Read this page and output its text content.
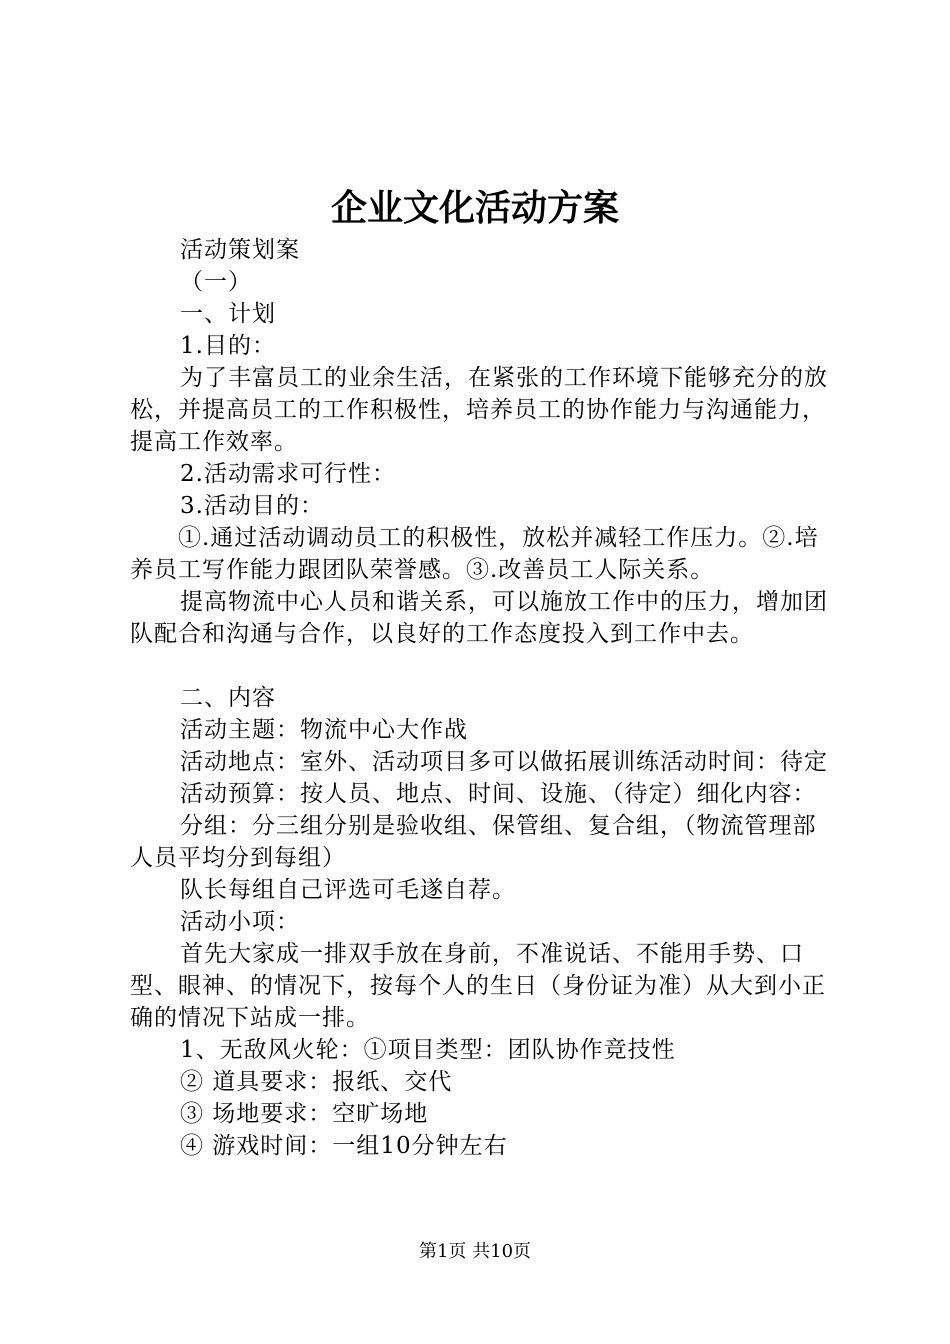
企业文化活动方案

活动策划案

（一）

一、计划

1.目的：

为了丰富员工的业余生活，在紧张的工作环境下能够充分的放松，并提高员工的工作积极性，培养员工的协作能力与沟通能力，提高工作效率。

2.活动需求可行性：

3.活动目的：

①.通过活动调动员工的积极性，放松并减轻工作压力。②.培养员工写作能力跟团队荣誉感。③.改善员工人际关系。

提高物流中心人员和谐关系，可以施放工作中的压力，增加团队配合和沟通与合作，以良好的工作态度投入到工作中去。

二、内容

活动主题：物流中心大作战

活动地点：室外、活动项目多可以做拓展训练活动时间：待定

活动预算：按人员、地点、时间、设施、（待定）细化内容：

分组：分三组分别是验收组、保管组、复合组，（物流管理部人员平均分到每组）

队长每组自己评选可毛遂自荐。

活动小项：

首先大家成一排双手放在身前，不准说话、不能用手势、口型、眼神、的情况下，按每个人的生日（身份证为准）从大到小正确的情况下站成一排。

1、无敌风火轮：①项目类型：团队协作竞技性

② 道具要求：报纸、交代

③ 场地要求：空旷场地

④ 游戏时间：一组10分钟左右

第1页 共10页
